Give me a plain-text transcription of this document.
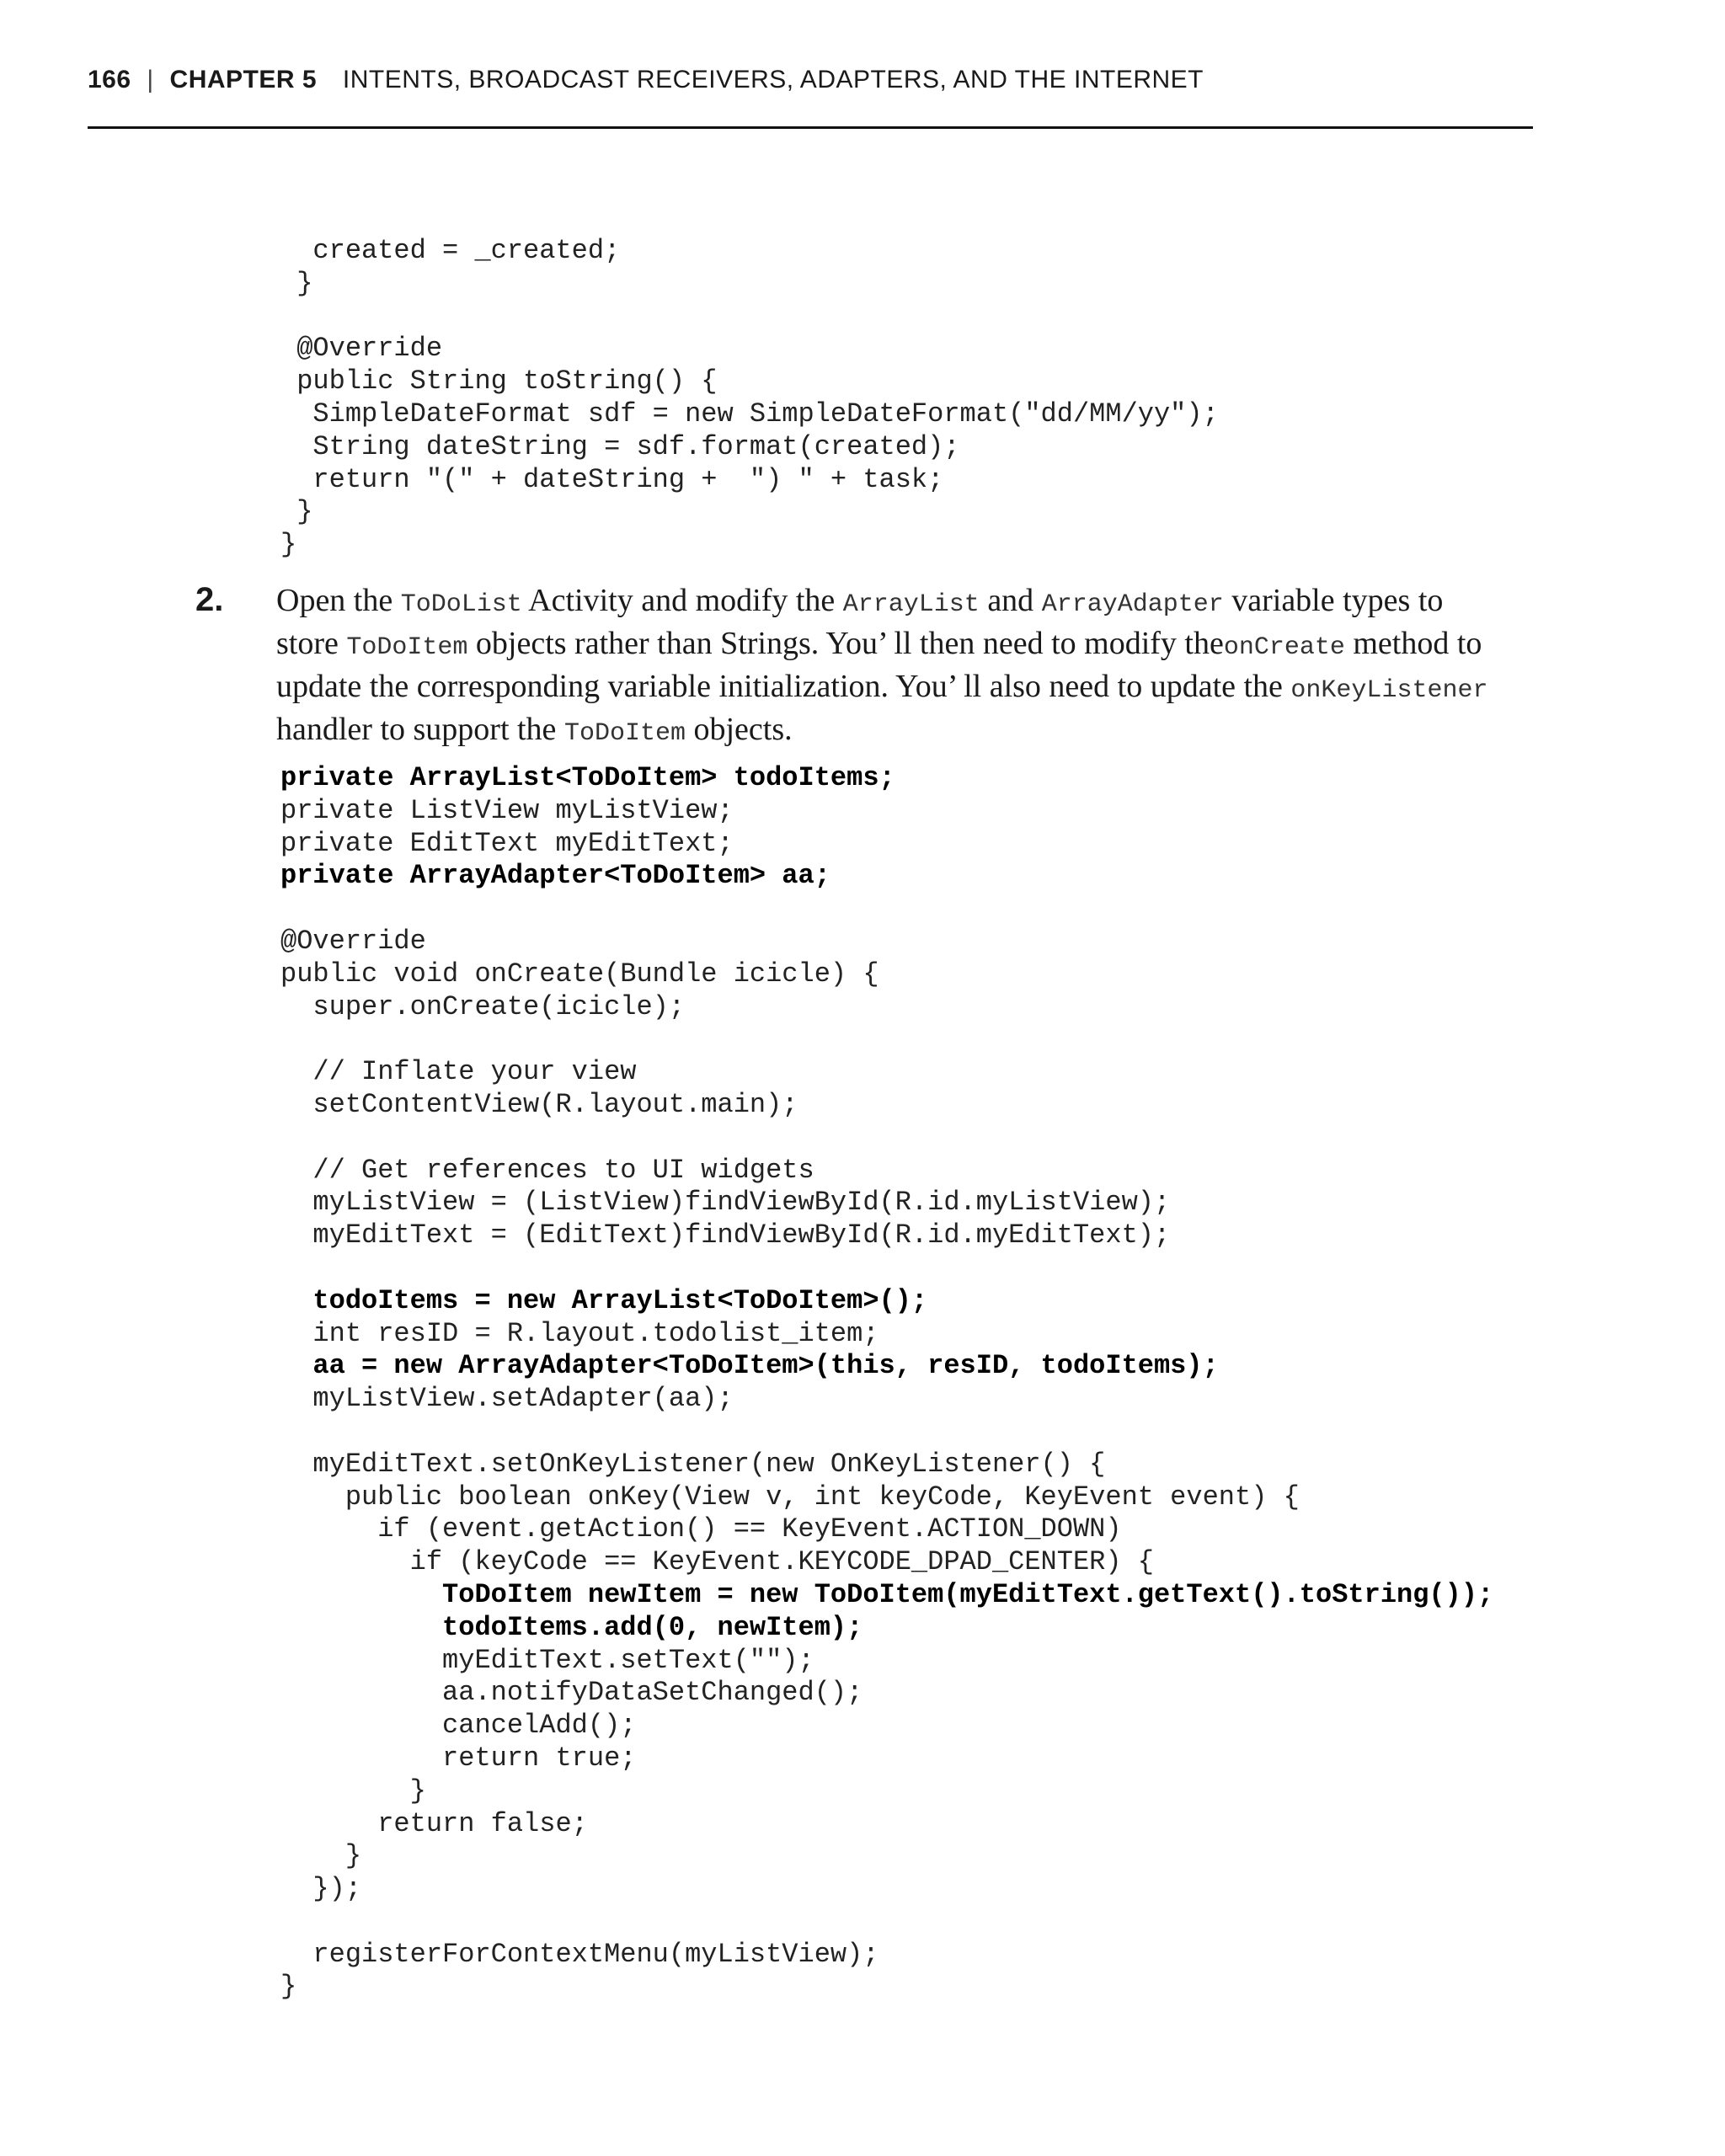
166 | CHAPTER 5 INTENTS, BROADCAST RECEIVERS, ADAPTERS, AND THE INTERNET
created = _created;
}
@Override
public String toString() {
SimpleDateFormat sdf = new SimpleDateFormat("dd/MM/yy");
String dateString = sdf.format(created);
return "(" + dateString +  ") " + task;
}
}
2. Open the ToDoList Activity and modify the ArrayList and ArrayAdapter variable types to store ToDoItem objects rather than Strings. You’ ll then need to modify theonCreate method to update the corresponding variable initialization. You’ ll also need to update the onKeyListener handler to support the ToDoItem objects.
private ArrayList<ToDoItem> todoItems;
private ListView myListView;
private EditText myEditText;
private ArrayAdapter<ToDoItem> aa;
@Override
public void onCreate(Bundle icicle) {
super.onCreate(icicle);
// Inflate your view
setContentView(R.layout.main);
// Get references to UI widgets
myListView = (ListView)findViewById(R.id.myListView);
myEditText = (EditText)findViewById(R.id.myEditText);
todoItems = new ArrayList<ToDoItem>();
int resID = R.layout.todolist_item;
aa = new ArrayAdapter<ToDoItem>(this, resID, todoItems);
myListView.setAdapter(aa);
myEditText.setOnKeyListener(new OnKeyListener() {
public boolean onKey(View v, int keyCode, KeyEvent event) {
if (event.getAction() == KeyEvent.ACTION_DOWN)
if (keyCode == KeyEvent.KEYCODE_DPAD_CENTER) {
ToDoItem newItem = new ToDoItem(myEditText.getText().toString());
todoItems.add(0, newItem);
myEditText.setText("");
aa.notifyDataSetChanged();
cancelAdd();
return true;
}
return false;
}
});
registerForContextMenu(myListView);
}
